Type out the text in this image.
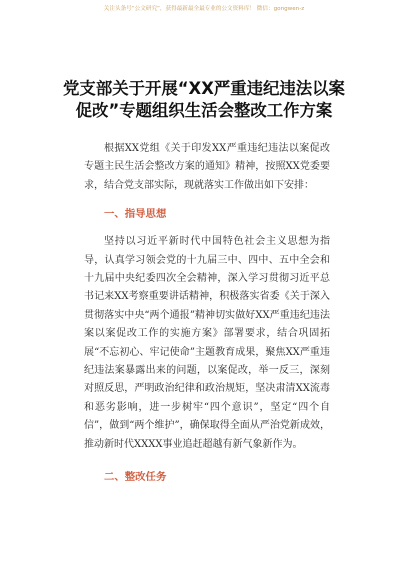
关注头条号“公文研究”，获得最新最全最专业的公文资料库！ 微信：gongwen-z
党支部关于开展“XX严重违纪违法以案促改”专题组织生活会整改工作方案

根据XX党组《关于印发XX严重违纪违法以案促改专题主民生活会整改方案的通知》精神，按照XX党委要求，结合党支部实际，现就落实工作做出如下安排：

一、指导思想

坚持以习近平新时代中国特色社会主义思想为指导，认真学习领会党的十九届三中、四中、五中全会和十九届中央纪委四次全会精神，深入学习贯彻习近平总书记来XX考察重要讲话精神，积极落实省委《关于深入贯彻落实中央“两个通报”精神切实做好XX严重违纪违法案以案促改工作的实施方案》部署要求，结合巩固拓展“不忘初心、牢记使命”主题教育成果，聚焦XX严重违纪违法案暴露出来的问题，以案促改，举一反三，深刻对照反思，严明政治纪律和政治规矩，坚决肃清XX流毒和恶劣影响，进一步树牢“四个意识”，坚定“四个自信”，做到“两个维护”，确保取得全面从严治党新成效，推动新时代XXXX事业追赶超越有新气象新作为。

二、整改任务
